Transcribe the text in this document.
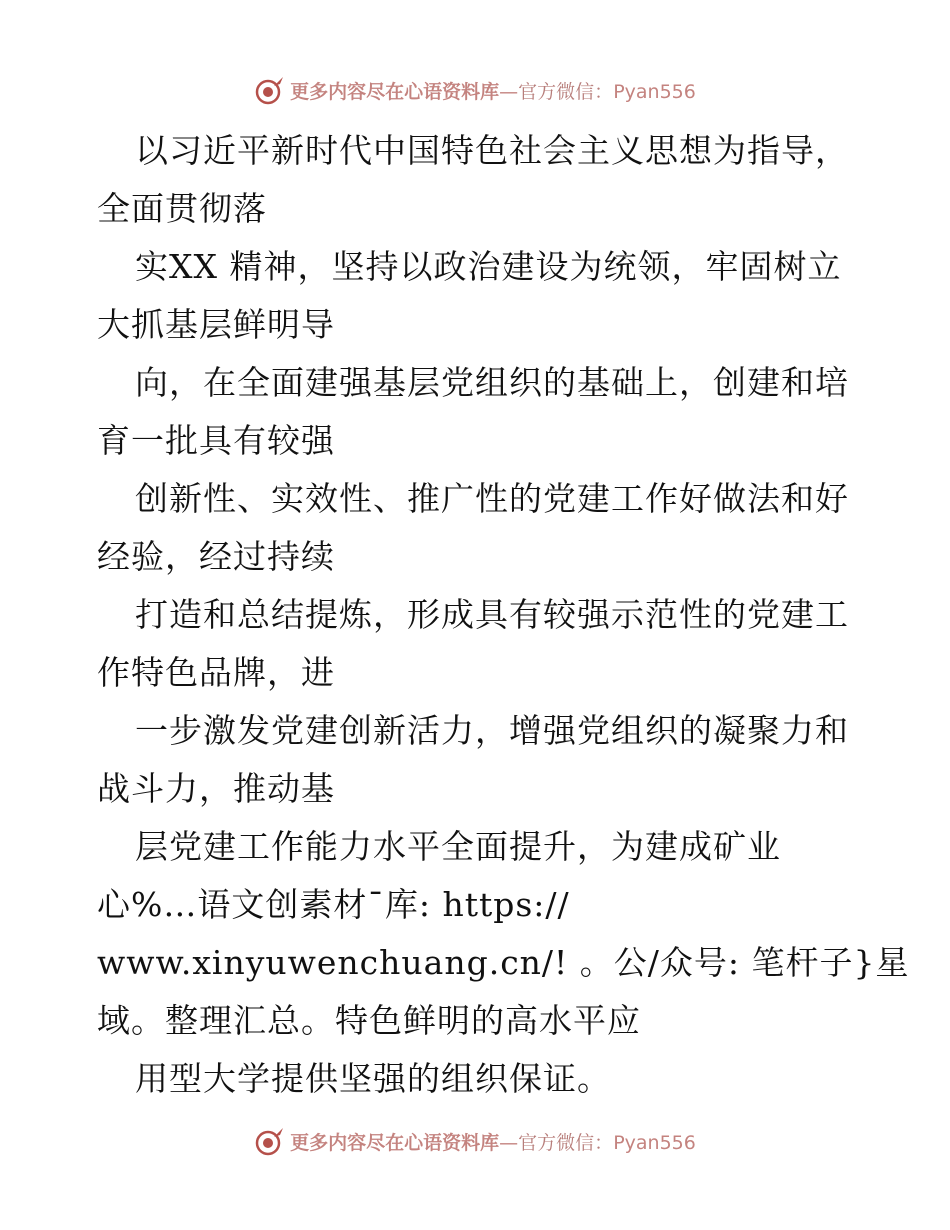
更多内容尽在心语资料库—官方微信：Pyan556
以习近平新时代中国特色社会主义思想为指导，
全面贯彻落
实XX 精神，坚持以政治建设为统领，牢固树立
大抓基层鲜明导
向，在全面建强基层党组织的基础上，创建和培
育一批具有较强
创新性、实效性、推广性的党建工作好做法和好
经验，经过持续
打造和总结提炼，形成具有较强示范性的党建工
作特色品牌，进
一步激发党建创新活力，增强党组织的凝聚力和
战斗力，推动基
层党建工作能力水平全面提升，为建成矿业
心%…语文创素材¯库: https://
www.xinyuwenchuang.cn/! 。公/众号: 笔杆子}星
域。整理汇总。特色鲜明的高水平应
用型大学提供坚强的组织保证。
更多内容尽在心语资料库—官方微信：Pyan556
